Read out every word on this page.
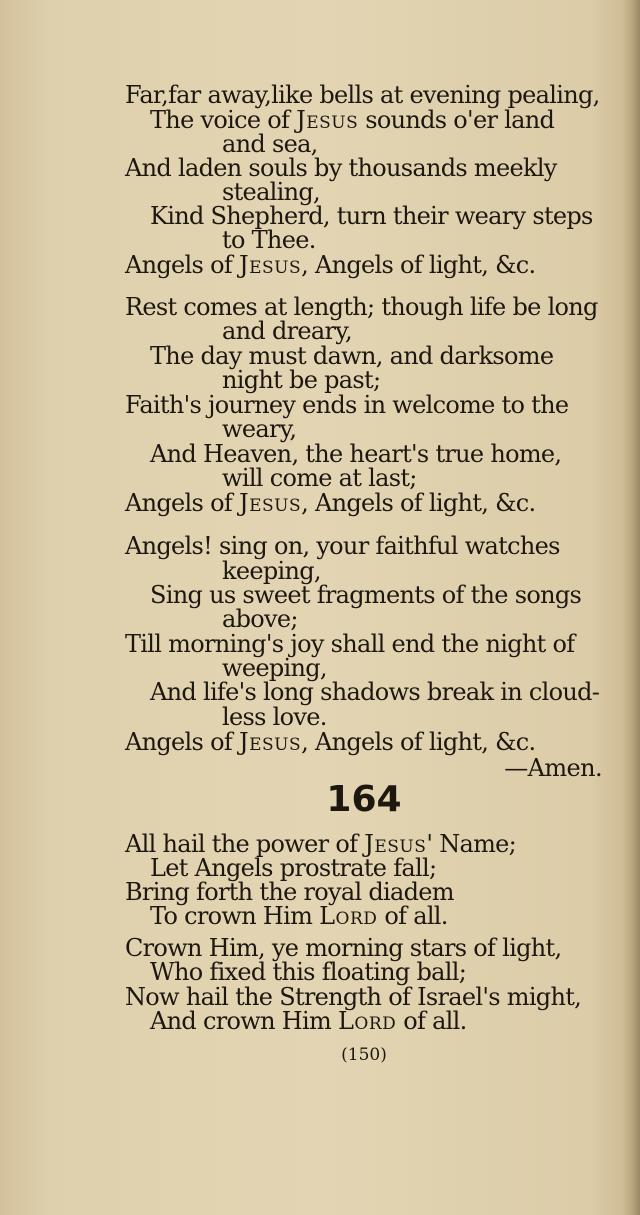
Far,far away,like bells at evening pealing,
The voice of Jesus sounds o'er land
and sea,
And laden souls by thousands meekly
stealing,
Kind Shepherd, turn their weary steps
to Thee.
Angels of Jesus, Angels of light, &c.
Rest comes at length; though life be long
and dreary,
The day must dawn, and darksome
night be past;
Faith's journey ends in welcome to the
weary,
And Heaven, the heart's true home,
will come at last;
Angels of Jesus, Angels of light, &c.
Angels! sing on, your faithful watches
keeping,
Sing us sweet fragments of the songs
above;
Till morning's joy shall end the night of
weeping,
And life's long shadows break in cloud-
less love.
Angels of Jesus, Angels of light, &c.
—Amen.
164
All hail the power of Jesus' Name;
Let Angels prostrate fall;
Bring forth the royal diadem
To crown Him Lord of all.
Crown Him, ye morning stars of light,
Who fixed this floating ball;
Now hail the Strength of Israel's might,
And crown Him Lord of all.
(150)
